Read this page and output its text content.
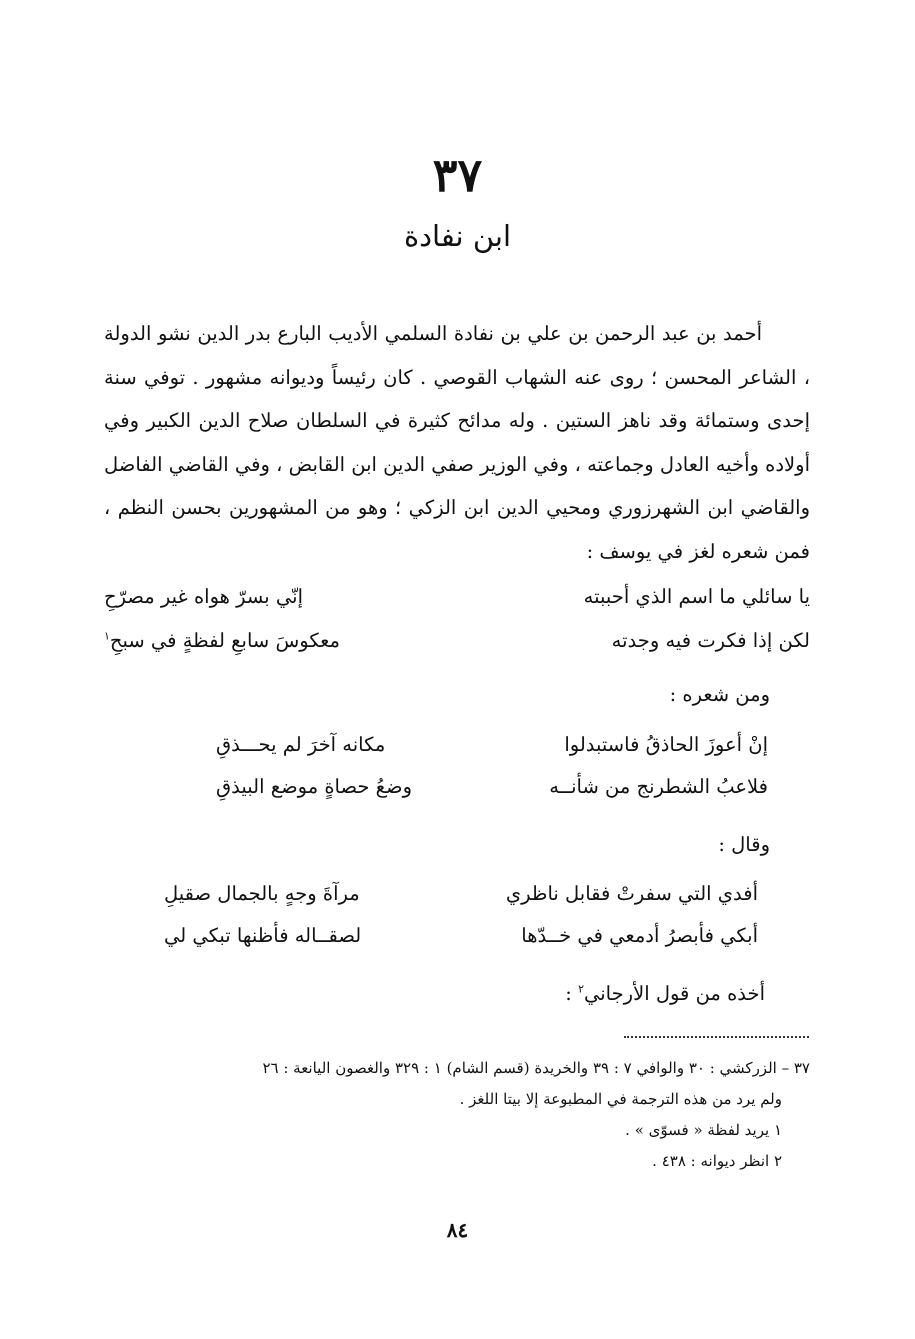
٣٧
ابن نفادة

أحمد بن عبد الرحمن بن علي بن نفادة السلمي الأديب البارع بدر الدين نشو الدولة ، الشاعر المحسن ؛ روى عنه الشهاب القوصي . كان رئيساً وديوانه مشهور . توفي سنة إحدى وستمائة وقد ناهز الستين . وله مدائح كثيرة في السلطان صلاح الدين الكبير وفي أولاده وأخيه العادل وجماعته ، وفي الوزير صفي الدين ابن القابض ، وفي القاضي الفاضل والقاضي ابن الشهرزوري ومحيي الدين ابن الزكي ؛ وهو من المشهورين بحسن النظم ، فمن شعره لغز في يوسف :

يا سائلي ما اسم الذي أحببته
إنّي بسرّ هواه غير مصرّحِ
لكن إذا فكرت فيه وجدته
معكوسَ سابعِ لفظةٍ في سبحِ$^١$
ومن شعره :
إنْ أعوزَ الحاذقُ فاستبدلوا
مكانه آخرَ لم يحـــذقِ
فلاعبُ الشطرنج من شأنــه
وضعُ حصاةٍ موضع البيذقِ
وقال :
أفدي التي سفرتْ فقابل ناظري
مرآةَ وجهٍ بالجمال صقيلِ
أبكي فأبصرُ أدمعي في خــدّها
لصقــاله فأظنها تبكي لي
أخذه من قول الأرجاني$^٢$ :
٣٧ – الزركشي : ٣٠ والوافي ٧ : ٣٩ والخريدة (قسم الشام) ١ : ٣٢٩ والغصون اليانعة : ٢٦
ولم يرد من هذه الترجمة في المطبوعة إلا بيتا اللغز .
١ يريد لفظة « فسوّى » .
٢ انظر ديوانه : ٤٣٨ .
٨٤
